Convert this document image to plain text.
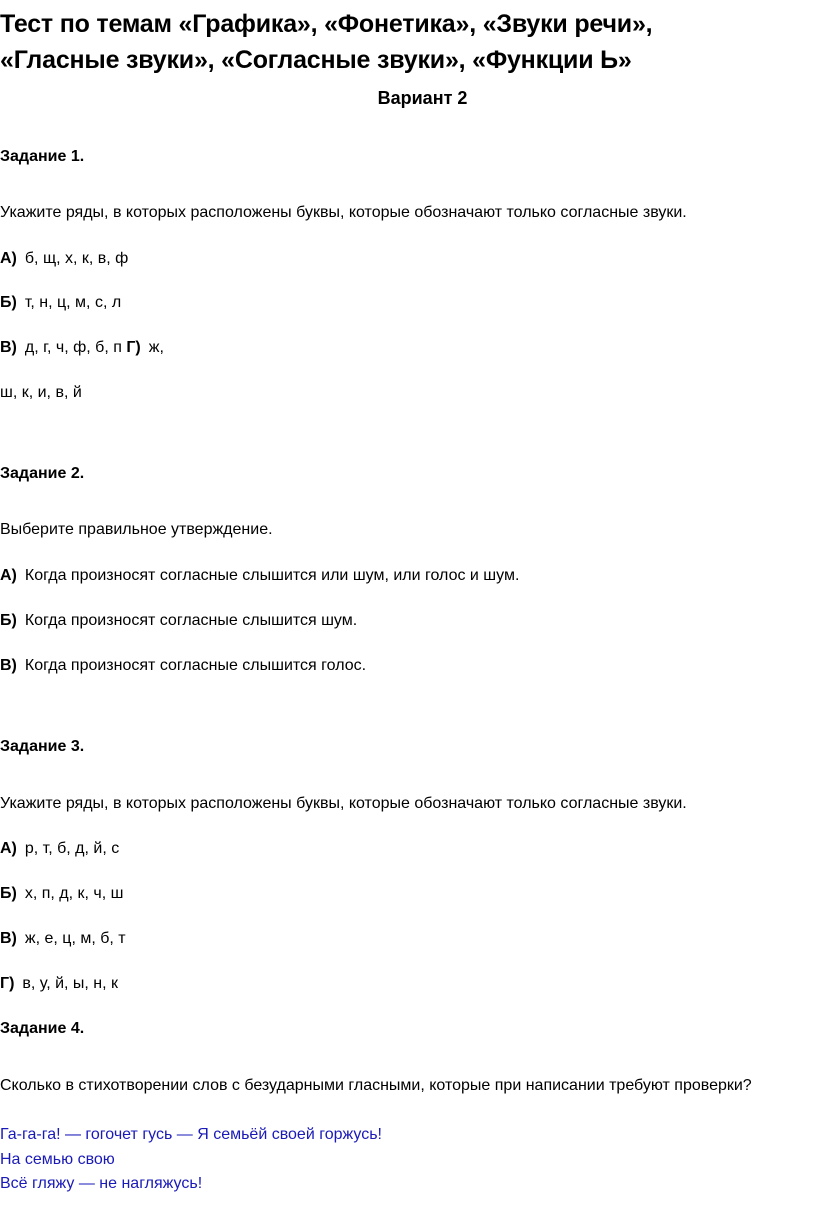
Тест по темам «Графика», «Фонетика», «Звуки речи»,
«Гласные звуки», «Согласные звуки», «Функции Ь»
Вариант 2
Задание 1.
Укажите ряды, в которых расположены буквы, которые обозначают только согласные звуки.
А) б, щ, х, к, в, ф
Б) т, н, ц, м, с, л
В) д, г, ч, ф, б, п Г) ж,
ш, к, и, в, й
Задание 2.
Выберите правильное утверждение.
А) Когда произносят согласные слышится или шум, или голос и шум.
Б) Когда произносят согласные слышится шум.
В) Когда произносят согласные слышится голос.
Задание 3.
Укажите ряды, в которых расположены буквы, которые обозначают только согласные звуки.
А) р, т, б, д, й, с
Б) х, п, д, к, ч, ш
В) ж, е, ц, м, б, т
Г) в, у, й, ы, н, к
Задание 4.
Сколько в стихотворении слов с безударными гласными, которые при написании требуют проверки?
Га-га-га! — гогочет гусь — Я семьёй своей горжусь!
На семью свою
Всё гляжу — не нагляжусь!
